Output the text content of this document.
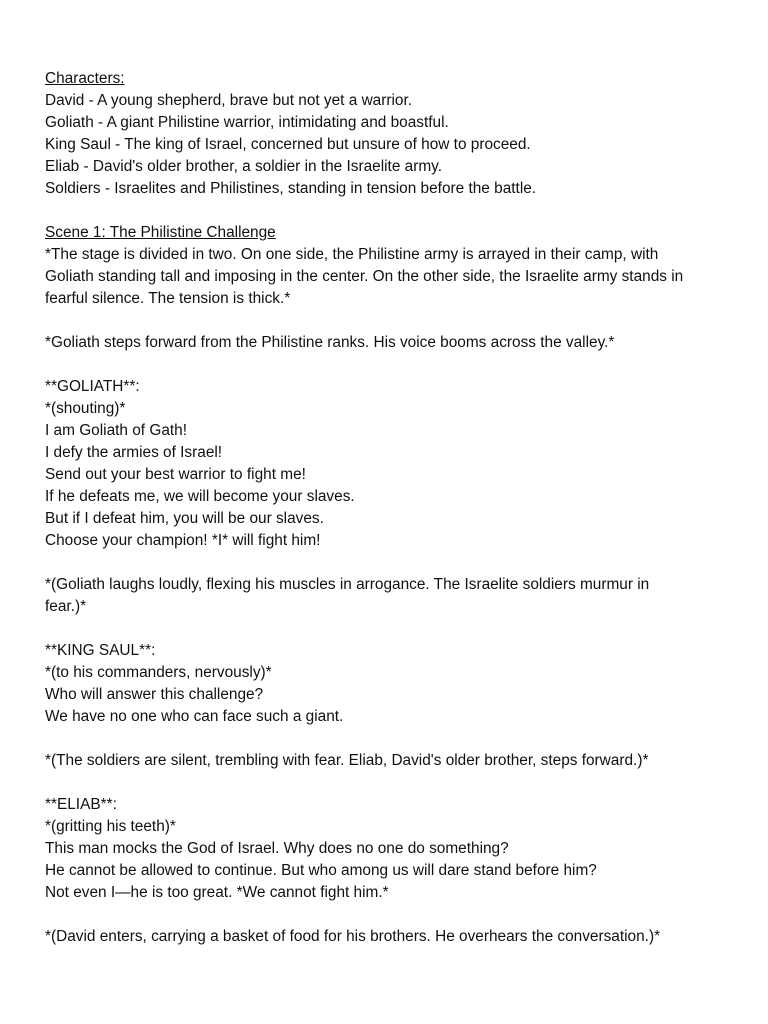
Characters:
David - A young shepherd, brave but not yet a warrior.
Goliath - A giant Philistine warrior, intimidating and boastful.
King Saul - The king of Israel, concerned but unsure of how to proceed.
Eliab - David's older brother, a soldier in the Israelite army.
Soldiers - Israelites and Philistines, standing in tension before the battle.
Scene 1: The Philistine Challenge
*The stage is divided in two. On one side, the Philistine army is arrayed in their camp, with
Goliath standing tall and imposing in the center. On the other side, the Israelite army stands in
fearful silence. The tension is thick.*
*Goliath steps forward from the Philistine ranks. His voice booms across the valley.*
**GOLIATH**:
*(shouting)*
I am Goliath of Gath!
I defy the armies of Israel!
Send out your best warrior to fight me!
If he defeats me, we will become your slaves.
But if I defeat him, you will be our slaves.
Choose your champion! *I* will fight him!
*(Goliath laughs loudly, flexing his muscles in arrogance. The Israelite soldiers murmur in
fear.)*
**KING SAUL**:
*(to his commanders, nervously)*
Who will answer this challenge?
We have no one who can face such a giant.
*(The soldiers are silent, trembling with fear. Eliab, David's older brother, steps forward.)*
**ELIAB**:
*(gritting his teeth)*
This man mocks the God of Israel. Why does no one do something?
He cannot be allowed to continue. But who among us will dare stand before him?
Not even I—he is too great. *We cannot fight him.*
*(David enters, carrying a basket of food for his brothers. He overhears the conversation.)*
